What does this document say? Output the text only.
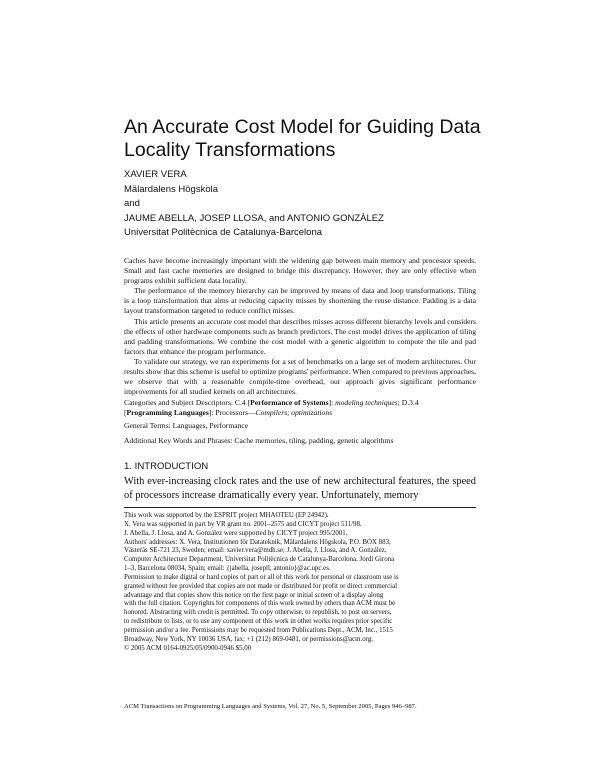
An Accurate Cost Model for Guiding Data Locality Transformations
XAVIER VERA
Mälardalens Högskola
and
JAUME ABELLA, JOSEP LLOSA, and ANTONIO GONZÀLEZ
Universitat Politècnica de Catalunya-Barcelona

Caches have become increasingly important with the widening gap between main memory and processor speeds. Small and fast cache memories are designed to bridge this discrepancy. However, they are only effective when programs exhibit sufficient data locality.

The performance of the memory hierarchy can be improved by means of data and loop transformations. Tiling is a loop transformation that aims at reducing capacity misses by shortening the reuse distance. Padding is a data layout transformation targeted to reduce conflict misses.

This article presents an accurate cost model that describes misses across different hierarchy levels and considers the effects of other hardware components such as branch predictors. The cost model drives the application of tiling and padding transformations. We combine the cost model with a genetic algorithm to compute the tile and pad factors that enhance the program performance.

To validate our strategy, we ran experiments for a set of benchmarks on a large set of modern architectures. Our results show that this scheme is useful to optimize programs' performance. When compared to previous approaches, we observe that with a reasonable compile-time overhead, our approach gives significant performance improvements for all studied kernels on all architectures.

Categories and Subject Descriptors: C.4 [Performance of Systems]: modeling techniques; D.3.4
[Programming Languages]: Processors—Compilers; optimizations
General Terms: Languages, Performance
Additional Key Words and Phrases: Cache memories, tiling, padding, genetic algorithms
1. INTRODUCTION
With ever-increasing clock rates and the use of new architectural features, the speed of processors increase dramatically every year. Unfortunately, memory
This work was supported by the ESPRIT project MHAOTEU (EP 24942).
X. Vera was supported in part by VR grant no. 2001–2575 and CICYT project 511/98.
J. Abella, J. Llosa, and A. González were supported by CICYT project 995/2001.
Authors' addresses: X. Vera, Institutionen för Datateknik, Mälardalens Högskola, P.O. BOX 883,
Västerås SE-721 23, Sweden; email: xavier.vera@mdh.se; J. Abella, J. Llosa, and A. González,
Computer Architecture Department, Universitat Politècnica de Catalunya-Barcelona, Jordi Girona
1–3, Barcelona 08034, Spain; email: {jabella, josepll, antonio}@ac.upc.es.
Permission to make digital or hard copies of part or all of this work for personal or classroom use is
granted without fee provided that copies are not made or distributed for profit or direct commercial
advantage and that copies show this notice on the first page or initial screen of a display along
with the full citation. Copyrights for components of this work owned by others than ACM must be
honored. Abstracting with credit is permitted. To copy otherwise, to republish, to post on servers,
to redistribute to lists, or to use any component of this work in other works requires prior specific
permission and/or a fee. Permissions may be requested from Publications Dept., ACM, Inc., 1515
Broadway, New York, NY 10036 USA, fax: +1 (212) 869-0481, or permissions@acm.org.
© 2005 ACM 0164-0925/05/0900-0946 $5.00
ACM Transactions on Programming Languages and Systems, Vol. 27, No. 5, September 2005, Pages 946–987.
